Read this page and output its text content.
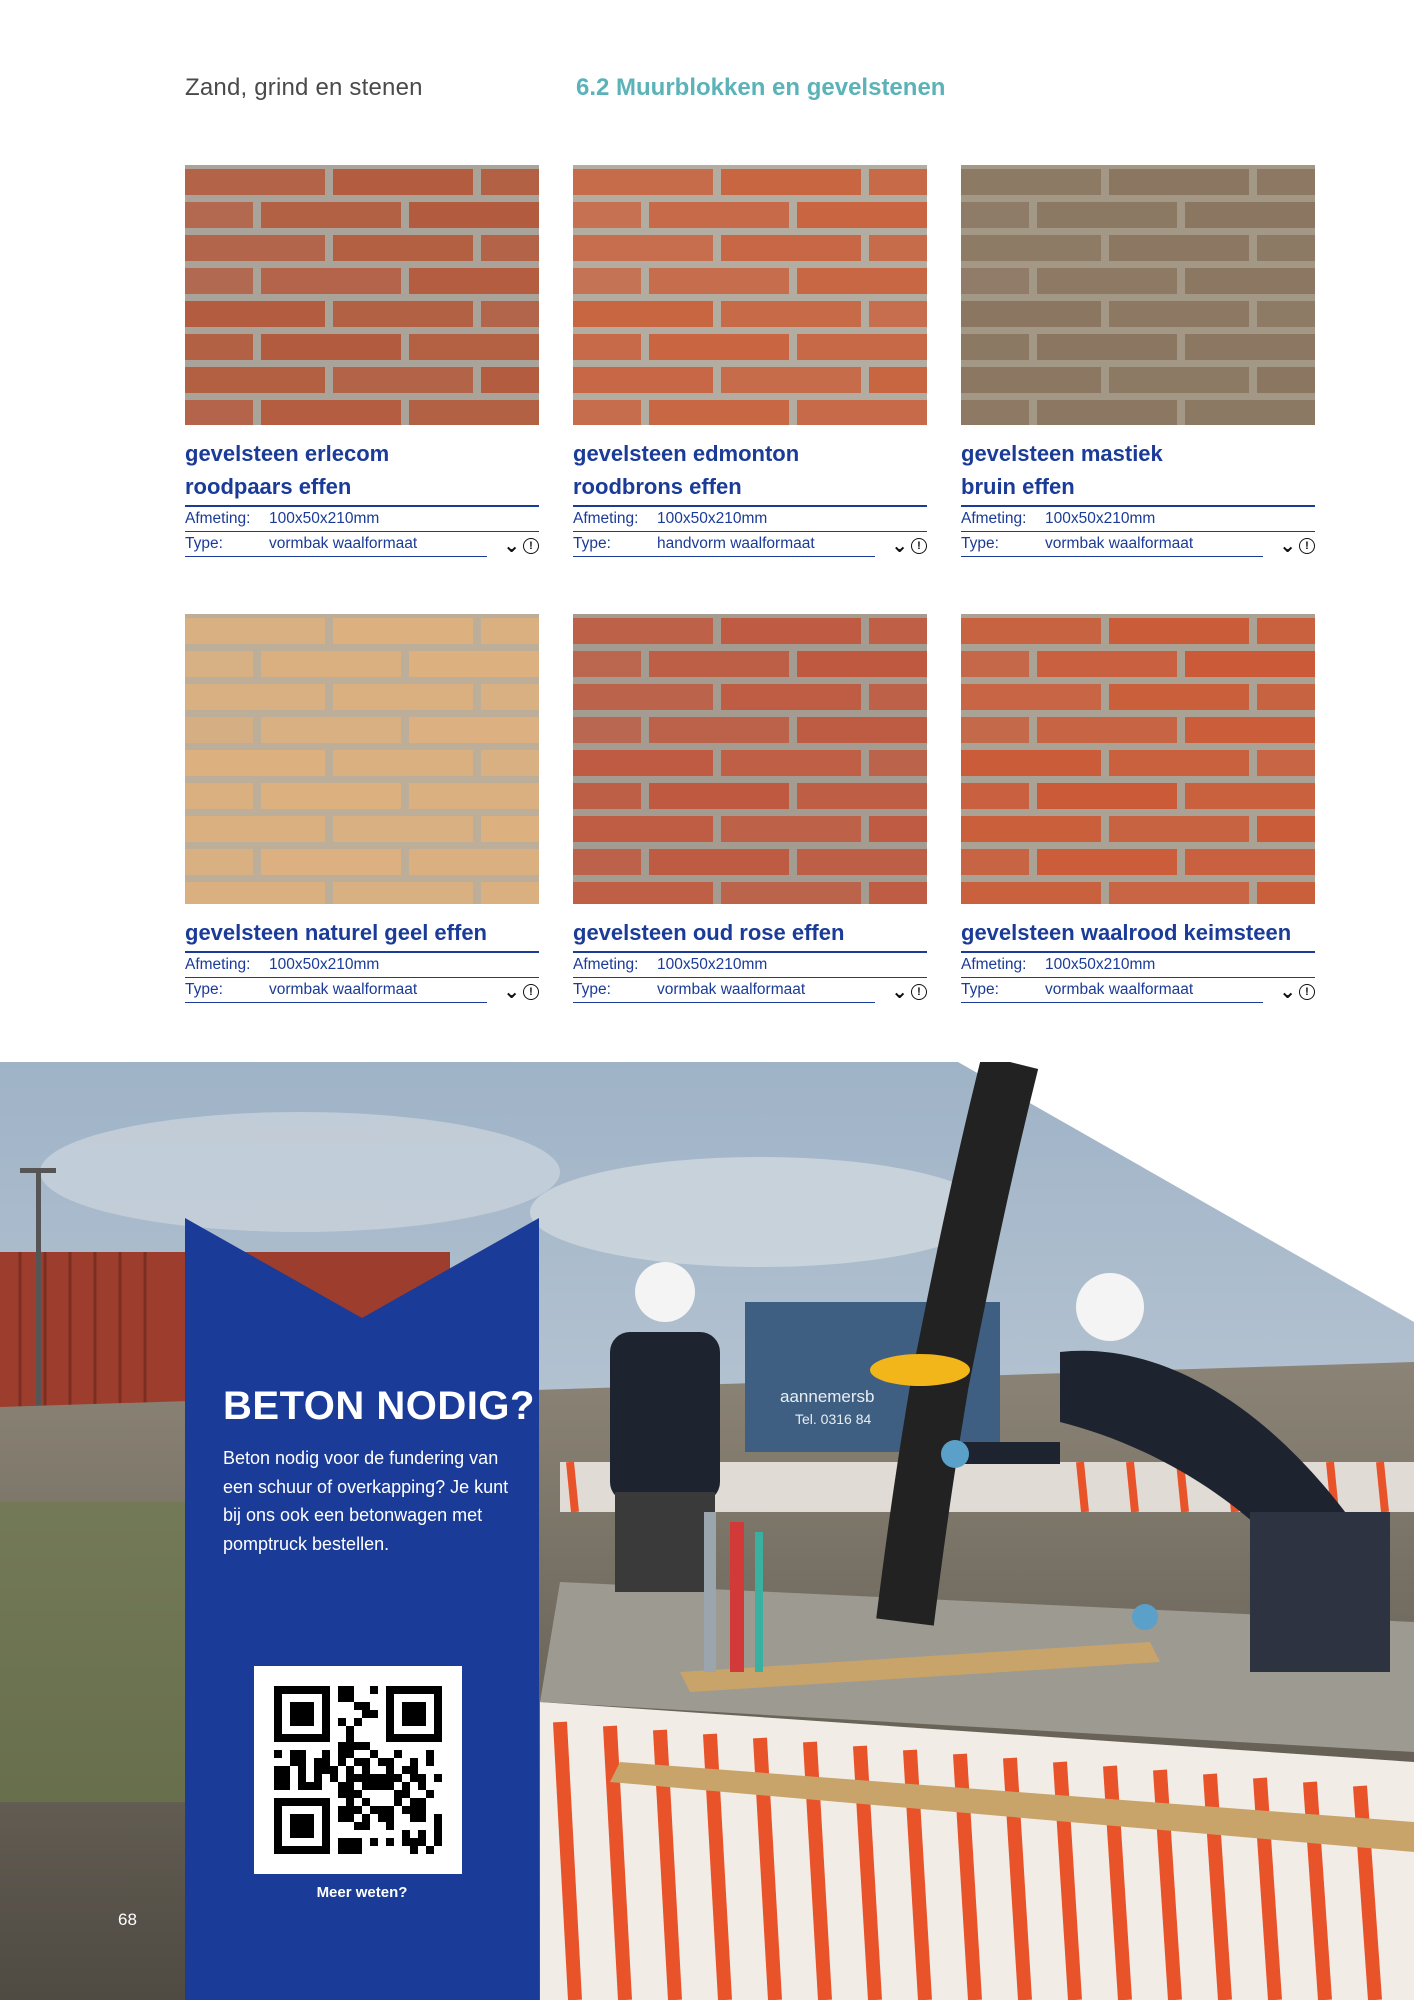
Zand, grind en stenen	6.2 Muurblokken en gevelstenen
gevelsteen erlecom
roodpaars effen
Afmeting: 100x50x210mm
Type:	vormbak waalformaat	⌄ !
gevelsteen edmonton
roodbrons effen
Afmeting: 100x50x210mm
Type:	handvorm waalformaat	⌄ !
gevelsteen mastiek
bruin effen
Afmeting: 100x50x210mm
Type:	vormbak waalformaat	⌄ !
gevelsteen naturel geel effen
Afmeting: 100x50x210mm
Type:	vormbak waalformaat	⌄ !
gevelsteen oud rose effen
Afmeting: 100x50x210mm
Type:	vormbak waalformaat	⌄ !
gevelsteen waalrood keimsteen
Afmeting: 100x50x210mm
Type:	vormbak waalformaat	⌄ !
aannemersb
Tel. 0316 84
BETON NODIG?
Beton nodig voor de fundering van een schuur of overkapping? Je kunt bij ons ook een betonwagen met pomptruck bestellen.
Meer weten?
68
